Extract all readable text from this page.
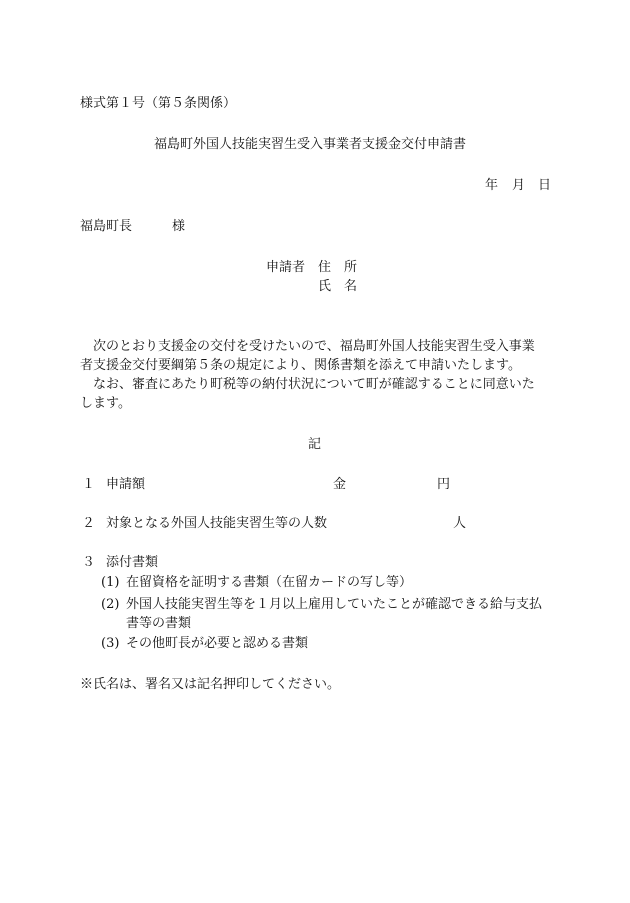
様式第１号（第５条関係）
福島町外国人技能実習生受入事業者支援金交付申請書
年 月 日
福島町長	様
申請者 住　所
氏　名
次のとおり支援金の交付を受けたいので、福島町外国人技能実習生受入事業
者支援金交付要綱第５条の規定により、関係書類を添えて申請いたします。
なお、審査にあたり町税等の納付状況について町が確認することに同意いた
します。
記
１ 申請額	金	円
２ 対象となる外国人技能実習生等の人数	人
３ 添付書類
(1) 在留資格を証明する書類（在留カードの写し等）
(2) 外国人技能実習生等を１月以上雇用していたことが確認できる給与支払
書等の書類
(3) その他町長が必要と認める書類
※氏名は、署名又は記名押印してください。
